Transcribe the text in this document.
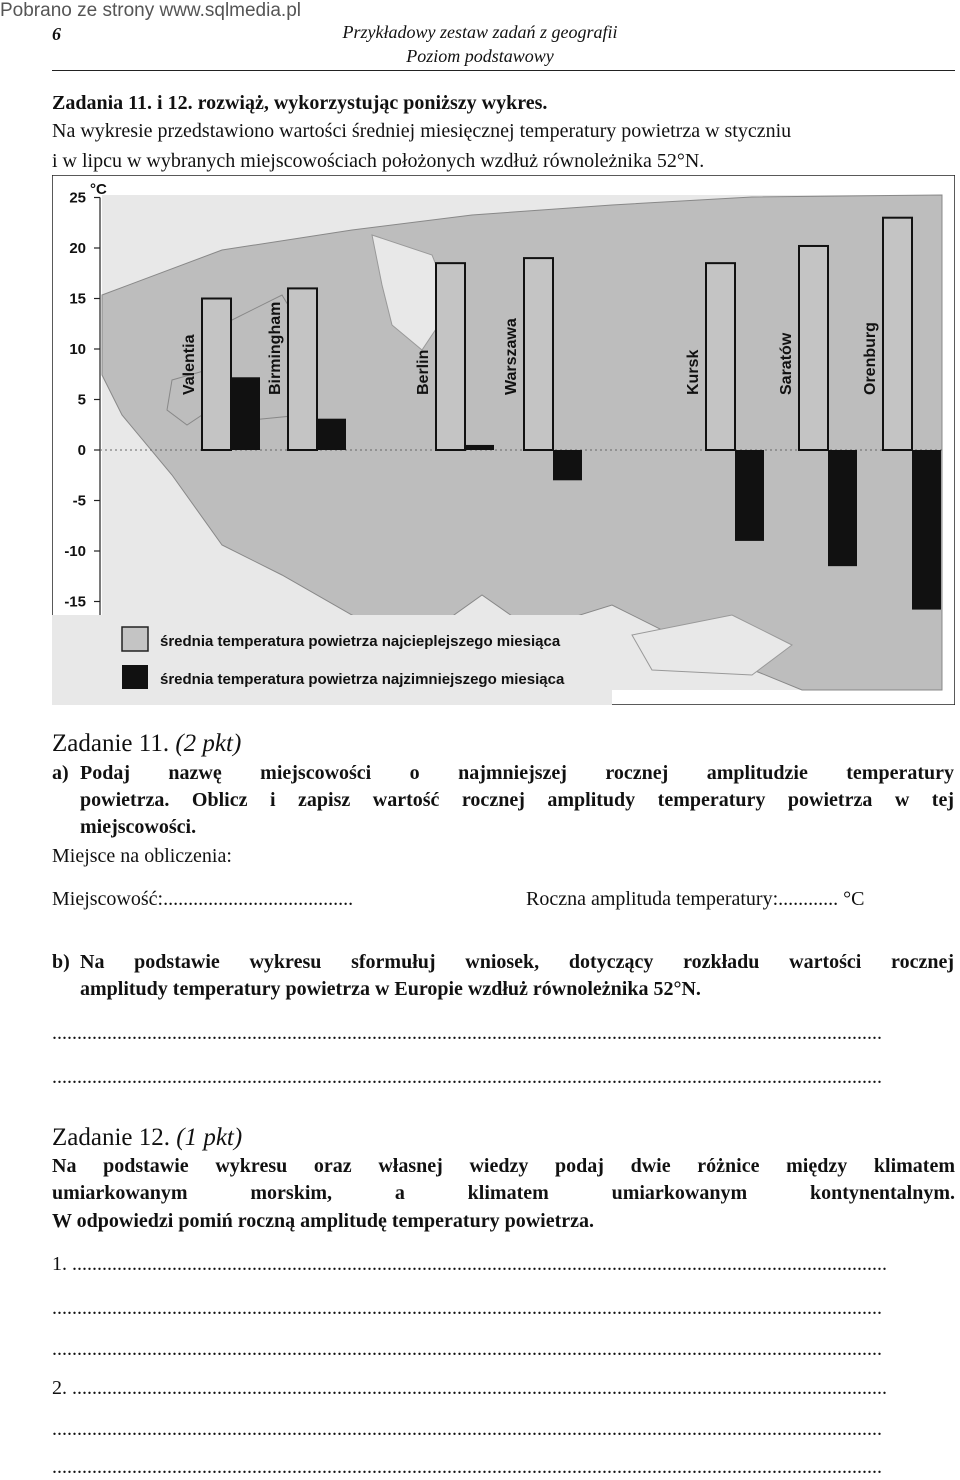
Pobrano ze strony www.sqlmedia.pl
6	Przykładowy zestaw zadań z geografii
Poziom podstawowy
Zadania 11. i 12. rozwiąż, wykorzystując poniższy wykres.
Na wykresie przedstawiono wartości średniej miesięcznej temperatury powietrza w styczniu
i w lipcu w wybranych miejscowościach położonych wzdłuż równoleżnika 52°N.
°C
25
20
15
10
5
0
-5
-10
-15
Valentia	Birmingham	Berlin	Warszawa	Kursk	Saratów	Orenburg
średnia temperatura powietrza najcieplejszego miesiąca
średnia temperatura powietrza najzimniejszego miesiąca
Zadanie 11. (2 pkt)
a) Podaj nazwę miejscowości o najmniejszej rocznej amplitudzie temperatury
powietrza. Oblicz i zapisz wartość rocznej amplitudy temperatury powietrza w tej
miejscowości.
Miejsce na obliczenia:
Miejscowość:......................................	Roczna amplituda temperatury:............ °C
b) Na podstawie wykresu sformułuj wniosek, dotyczący rozkładu wartości rocznej
amplitudy temperatury powietrza w Europie wzdłuż równoleżnika 52°N.
......................................................................................................................................................................
......................................................................................................................................................................
Zadanie 12. (1 pkt)
Na podstawie wykresu oraz własnej wiedzy podaj dwie różnice między klimatem
umiarkowanym morskim, a klimatem umiarkowanym kontynentalnym.
W odpowiedzi pomiń roczną amplitudę temperatury powietrza.
1. ...................................................................................................................................................................
......................................................................................................................................................................
......................................................................................................................................................................
2. ...................................................................................................................................................................
......................................................................................................................................................................
......................................................................................................................................................................
